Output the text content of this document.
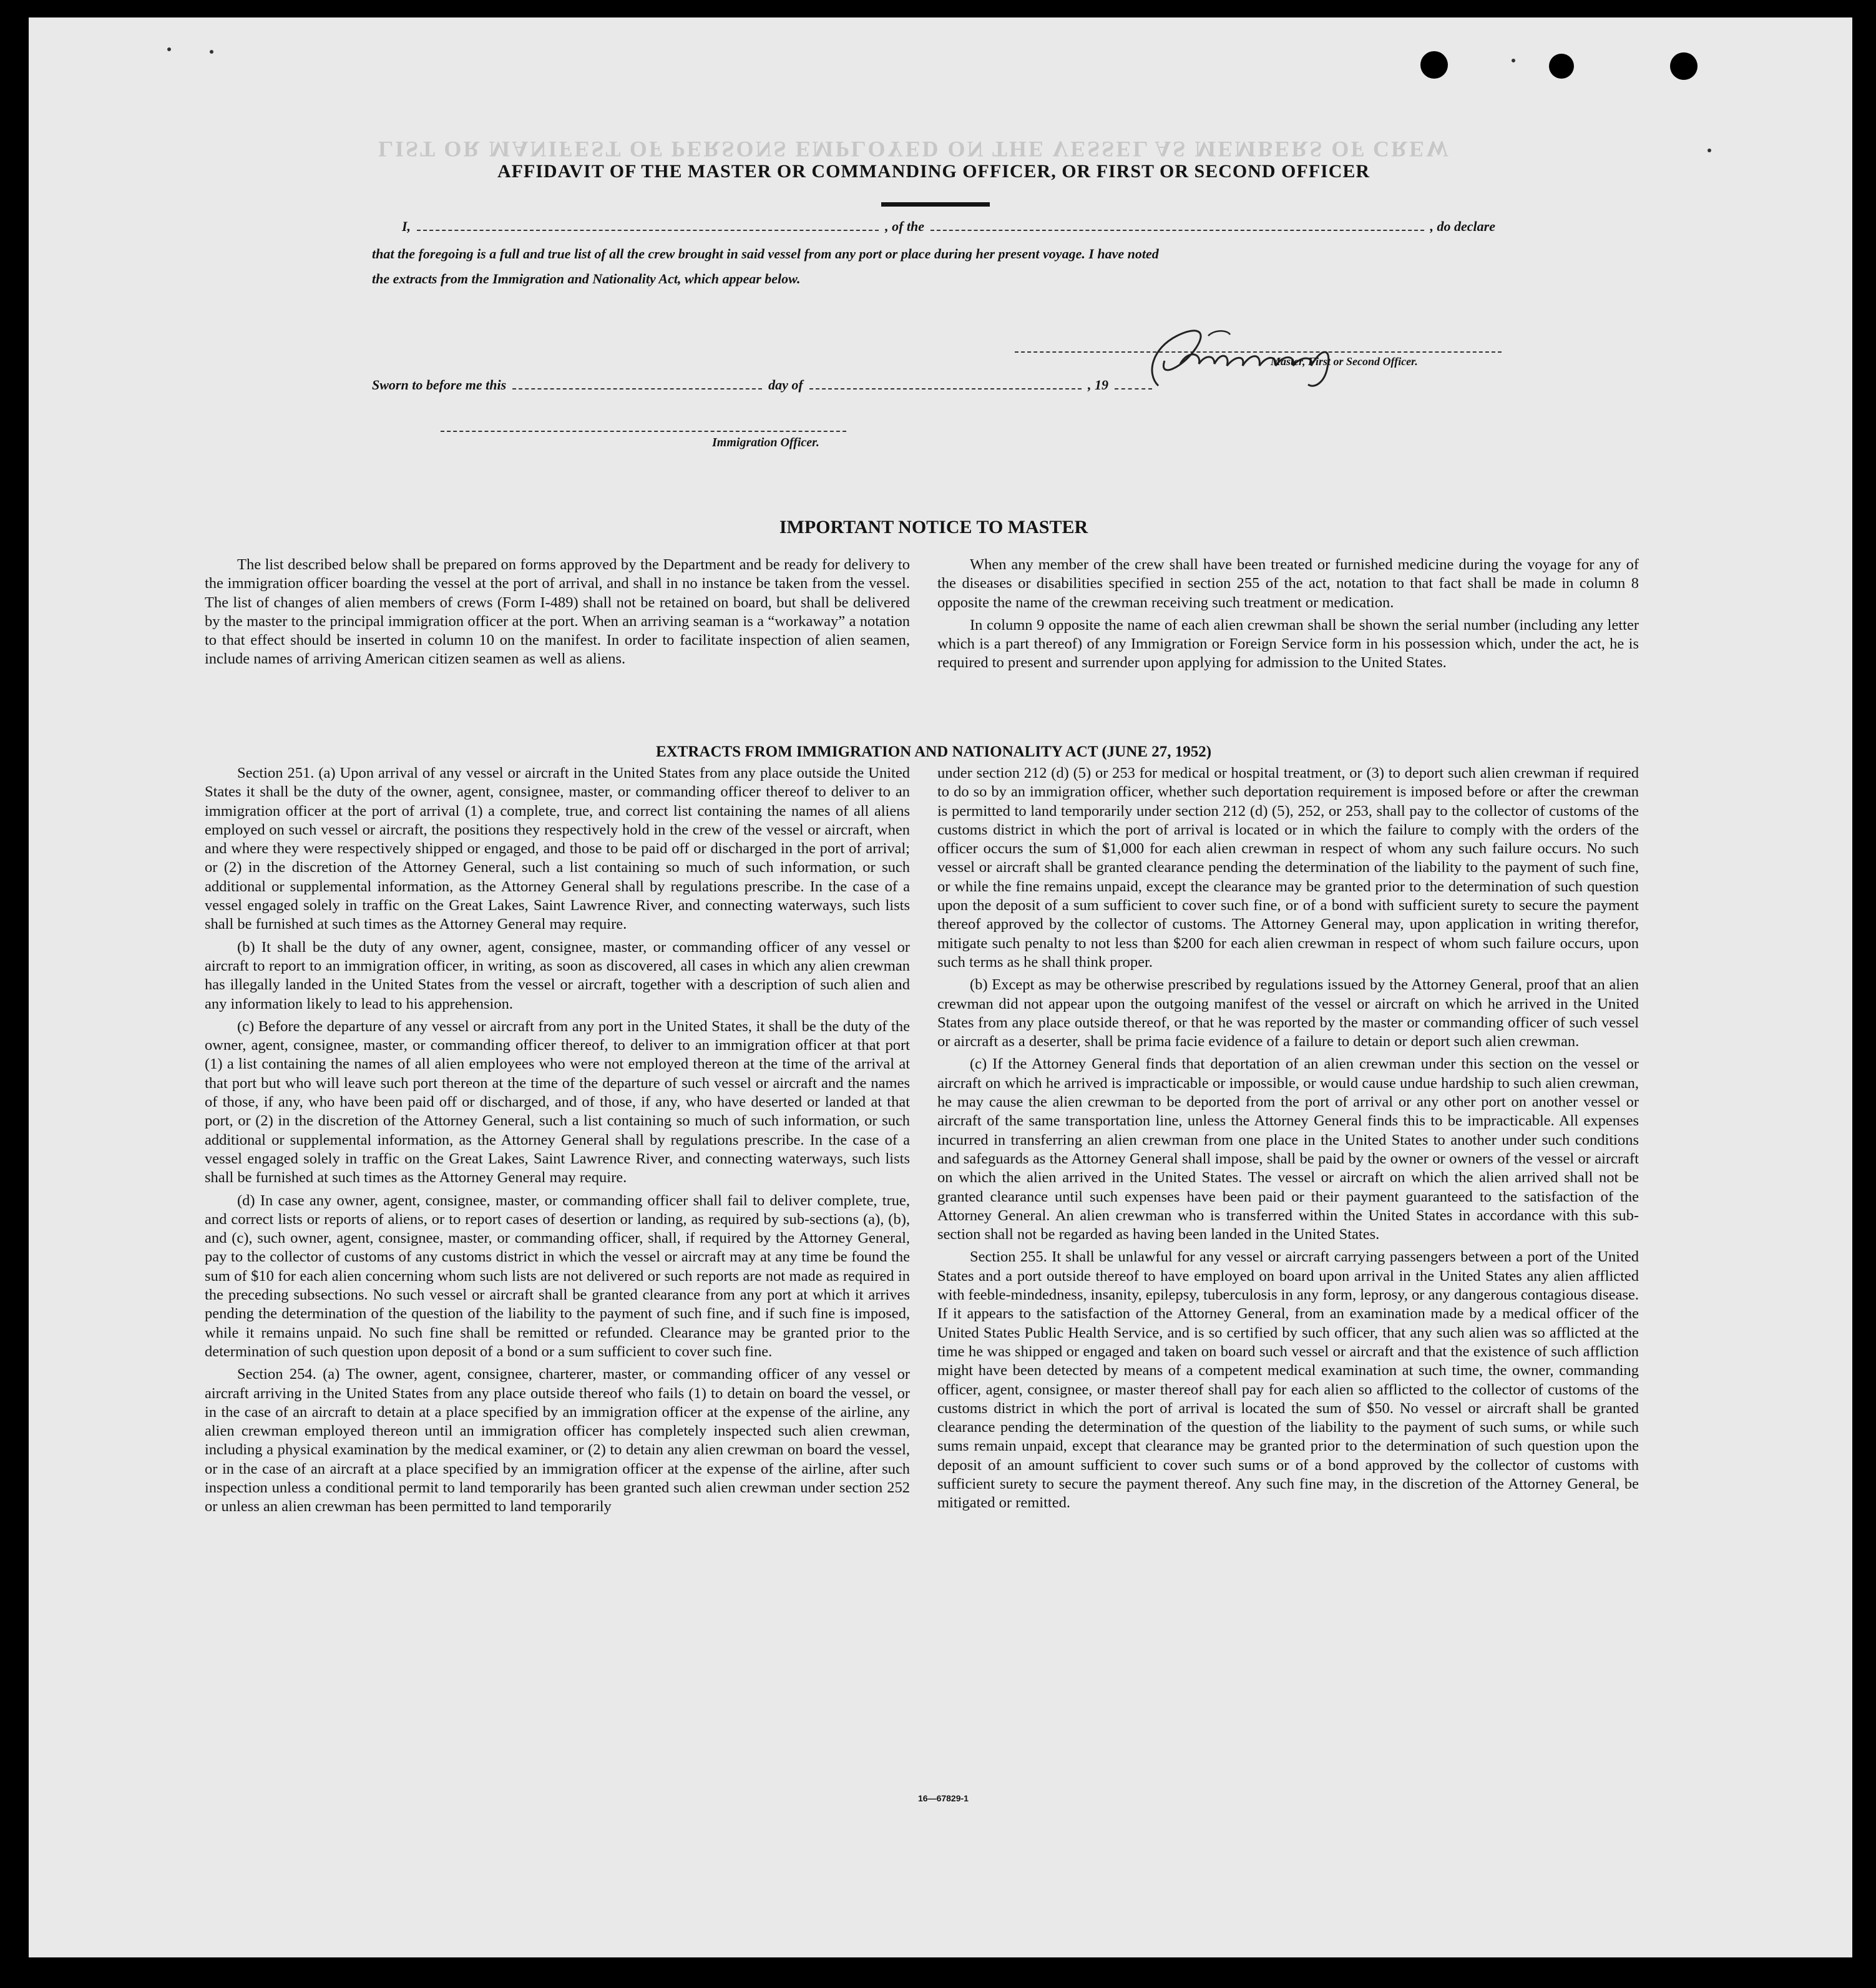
LIST OR MANIFEST OF PERSONS EMPLOYED ON THE VESSEL AS MEMBERS OF CREW
AFFIDAVIT OF THE MASTER OR COMMANDING OFFICER, OR FIRST OR SECOND OFFICER
I,	, of the	, do declare
that the foregoing is a full and true list of all the crew brought in said vessel from any port or place during her present voyage. I have noted
the extracts from the Immigration and Nationality Act, which appear below.
Master, First or Second Officer.
Sworn to before me this	day of	, 19
Immigration Officer.
IMPORTANT NOTICE TO MASTER

The list described below shall be prepared on forms approved by the Department and be ready for delivery to the immigration officer boarding the vessel at the port of arrival, and shall in no instance be taken from the vessel. The list of changes of alien members of crews (Form I-489) shall not be retained on board, but shall be delivered by the master to the principal immigration officer at the port. When an arriving seaman is a “workaway” a notation to that effect should be inserted in column 10 on the manifest. In order to facilitate inspection of alien seamen, include names of arriving American citizen seamen as well as aliens.

When any member of the crew shall have been treated or furnished medicine during the voyage for any of the diseases or disabilities specified in section 255 of the act, notation to that fact shall be made in column 8 opposite the name of the crewman receiving such treatment or medication.

In column 9 opposite the name of each alien crewman shall be shown the serial number (including any letter which is a part thereof) of any Immigration or Foreign Service form in his possession which, under the act, he is required to present and surrender upon applying for admission to the United States.

EXTRACTS FROM IMMIGRATION AND NATIONALITY ACT (JUNE 27, 1952)

Section 251. (a) Upon arrival of any vessel or aircraft in the United States from any place outside the United States it shall be the duty of the owner, agent, consignee, master, or commanding officer thereof to deliver to an immigration officer at the port of arrival (1) a complete, true, and correct list containing the names of all aliens employed on such vessel or aircraft, the positions they respectively hold in the crew of the vessel or aircraft, when and where they were respectively shipped or engaged, and those to be paid off or discharged in the port of arrival; or (2) in the discretion of the Attorney General, such a list containing so much of such information, or such additional or supplemental information, as the Attorney General shall by regulations prescribe. In the case of a vessel engaged solely in traffic on the Great Lakes, Saint Lawrence River, and connecting waterways, such lists shall be furnished at such times as the Attorney General may require.

(b) It shall be the duty of any owner, agent, consignee, master, or commanding officer of any vessel or aircraft to report to an immigration officer, in writing, as soon as discovered, all cases in which any alien crewman has illegally landed in the United States from the vessel or aircraft, together with a description of such alien and any information likely to lead to his apprehension.

(c) Before the departure of any vessel or aircraft from any port in the United States, it shall be the duty of the owner, agent, consignee, master, or commanding officer thereof, to deliver to an immigration officer at that port (1) a list containing the names of all alien employees who were not employed thereon at the time of the arrival at that port but who will leave such port thereon at the time of the departure of such vessel or aircraft and the names of those, if any, who have been paid off or discharged, and of those, if any, who have deserted or landed at that port, or (2) in the discretion of the Attorney General, such a list containing so much of such information, or such additional or supplemental information, as the Attorney General shall by regulations prescribe. In the case of a vessel engaged solely in traffic on the Great Lakes, Saint Lawrence River, and connecting waterways, such lists shall be furnished at such times as the Attorney General may require.

(d) In case any owner, agent, consignee, master, or commanding officer shall fail to deliver complete, true, and correct lists or reports of aliens, or to report cases of desertion or landing, as required by sub-sections (a), (b), and (c), such owner, agent, consignee, master, or commanding officer, shall, if required by the Attorney General, pay to the collector of customs of any customs district in which the vessel or aircraft may at any time be found the sum of $10 for each alien concerning whom such lists are not delivered or such reports are not made as required in the preceding subsections. No such vessel or aircraft shall be granted clearance from any port at which it arrives pending the determination of the question of the liability to the payment of such fine, and if such fine is imposed, while it remains unpaid. No such fine shall be remitted or refunded. Clearance may be granted prior to the determination of such question upon deposit of a bond or a sum sufficient to cover such fine.

Section 254. (a) The owner, agent, consignee, charterer, master, or commanding officer of any vessel or aircraft arriving in the United States from any place outside thereof who fails (1) to detain on board the vessel, or in the case of an aircraft to detain at a place specified by an immigration officer at the expense of the airline, any alien crewman employed thereon until an immigration officer has completely inspected such alien crewman, including a physical examination by the medical examiner, or (2) to detain any alien crewman on board the vessel, or in the case of an aircraft at a place specified by an immigration officer at the expense of the airline, after such inspection unless a conditional permit to land temporarily has been granted such alien crewman under section 252 or unless an alien crewman has been permitted to land temporarily

under section 212 (d) (5) or 253 for medical or hospital treatment, or (3) to deport such alien crewman if required to do so by an immigration officer, whether such deportation requirement is imposed before or after the crewman is permitted to land temporarily under section 212 (d) (5), 252, or 253, shall pay to the collector of customs of the customs district in which the port of arrival is located or in which the failure to comply with the orders of the officer occurs the sum of $1,000 for each alien crewman in respect of whom any such failure occurs. No such vessel or aircraft shall be granted clearance pending the determination of the liability to the payment of such fine, or while the fine remains unpaid, except the clearance may be granted prior to the determination of such question upon the deposit of a sum sufficient to cover such fine, or of a bond with sufficient surety to secure the payment thereof approved by the collector of customs. The Attorney General may, upon application in writing therefor, mitigate such penalty to not less than $200 for each alien crewman in respect of whom such failure occurs, upon such terms as he shall think proper.

(b) Except as may be otherwise prescribed by regulations issued by the Attorney General, proof that an alien crewman did not appear upon the outgoing manifest of the vessel or aircraft on which he arrived in the United States from any place outside thereof, or that he was reported by the master or commanding officer of such vessel or aircraft as a deserter, shall be prima facie evidence of a failure to detain or deport such alien crewman.

(c) If the Attorney General finds that deportation of an alien crewman under this section on the vessel or aircraft on which he arrived is impracticable or impossible, or would cause undue hardship to such alien crewman, he may cause the alien crewman to be deported from the port of arrival or any other port on another vessel or aircraft of the same transportation line, unless the Attorney General finds this to be impracticable. All expenses incurred in transferring an alien crewman from one place in the United States to another under such conditions and safeguards as the Attorney General shall impose, shall be paid by the owner or owners of the vessel or aircraft on which the alien arrived in the United States. The vessel or aircraft on which the alien arrived shall not be granted clearance until such expenses have been paid or their payment guaranteed to the satisfaction of the Attorney General. An alien crewman who is transferred within the United States in accordance with this sub-section shall not be regarded as having been landed in the United States.

Section 255. It shall be unlawful for any vessel or aircraft carrying passengers between a port of the United States and a port outside thereof to have employed on board upon arrival in the United States any alien afflicted with feeble-mindedness, insanity, epilepsy, tuberculosis in any form, leprosy, or any dangerous contagious disease. If it appears to the satisfaction of the Attorney General, from an examination made by a medical officer of the United States Public Health Service, and is so certified by such officer, that any such alien was so afflicted at the time he was shipped or engaged and taken on board such vessel or aircraft and that the existence of such affliction might have been detected by means of a competent medical examination at such time, the owner, commanding officer, agent, consignee, or master thereof shall pay for each alien so afflicted to the collector of customs of the customs district in which the port of arrival is located the sum of $50. No vessel or aircraft shall be granted clearance pending the determination of the question of the liability to the payment of such sums, or while such sums remain unpaid, except that clearance may be granted prior to the determination of such question upon the deposit of an amount sufficient to cover such sums or of a bond approved by the collector of customs with sufficient surety to secure the payment thereof. Any such fine may, in the discretion of the Attorney General, be mitigated or remitted.

16—67829-1
